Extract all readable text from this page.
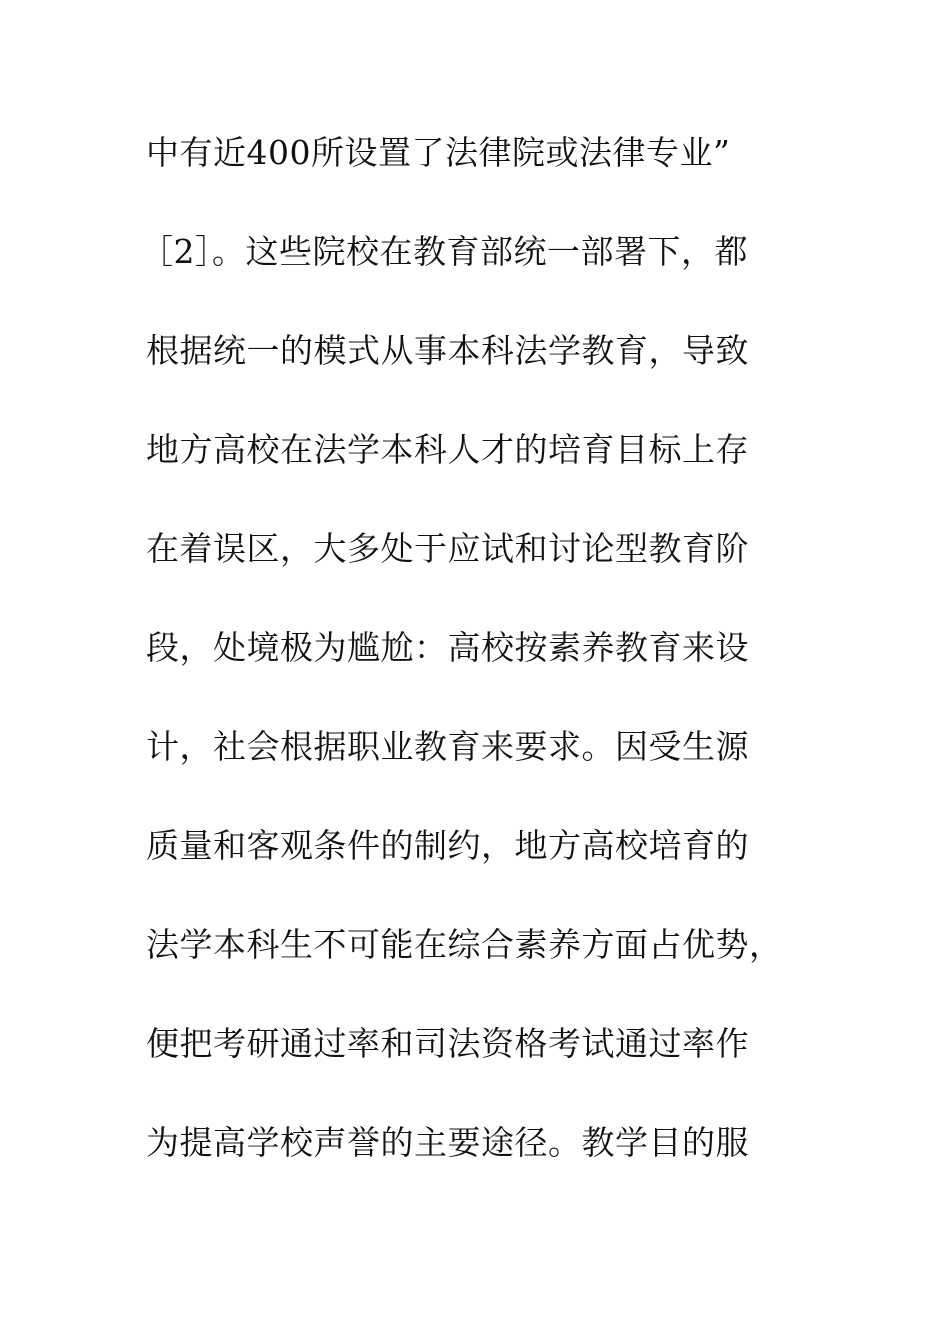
中有近400所设置了法律院或法律专业”
［2］。这些院校在教育部统一部署下，都
根据统一的模式从事本科法学教育，导致
地方高校在法学本科人才的培育目标上存
在着误区，大多处于应试和讨论型教育阶
段，处境极为尴尬：高校按素养教育来设
计，社会根据职业教育来要求。因受生源
质量和客观条件的制约，地方高校培育的
法学本科生不可能在综合素养方面占优势，
便把考研通过率和司法资格考试通过率作
为提高学校声誉的主要途径。教学目的服
